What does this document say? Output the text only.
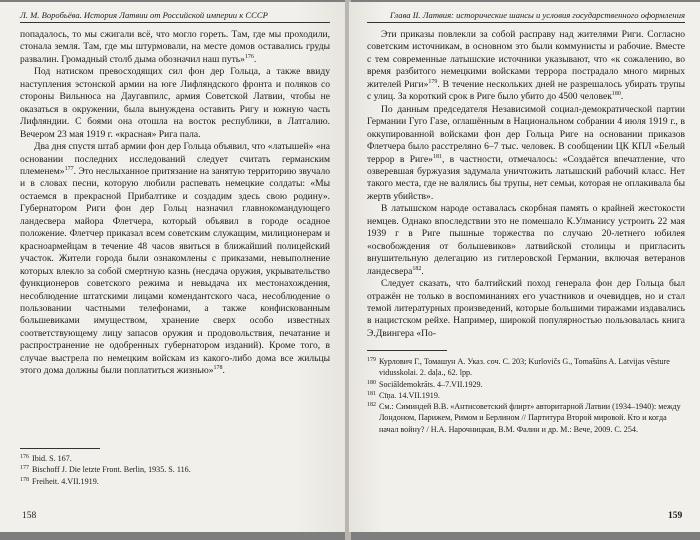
Л. М. Воробьёва. История Латвии от Российской империи к СССР

попадалось, то мы сжигали всё, что могло гореть. Там, где мы проходили, стонала земля. Там, где мы штурмовали, на месте домов оставались груды развалин. Громадный столб дыма обозначил наш путь»$^{176}$.

Под натиском превосходящих сил фон дер Гольца, а также ввиду наступления эстонской армии на юге Лифляндского фронта и поляков со стороны Вильнюса на Даугавпилс, армия Советской Латвии, чтобы не оказаться в окружении, была вынуждена оставить Ригу и южную часть Лифляндии. С боями она отошла на восток республики, в Латгалию. Вечером 23 мая 1919 г. «красная» Рига пала.

Два дня спустя штаб армии фон дер Гольца объявил, что «латышей» «на основании последних исследований следует считать германским племенем»$^{177}$. Это неслыханное притязание на занятую территорию звучало и в словах песни, которую любили распевать немецкие солдаты: «Мы остаемся в прекрасной Прибалтике и создадим здесь свою родину». Губернатором Риги фон дер Гольц назначил главнокомандующего ландесвера майора Флетчера, который объявил в городе осадное положение. Флетчер приказал всем советским служащим, милиционерам и красноармейцам в течение 48 часов явиться в ближайший полицейский участок. Жители города были ознакомлены с приказами, невыполнение которых влекло за собой смертную казнь (несдача оружия, укрывательство функционеров советского режима и невыдача их местонахождения, несоблюдение штатскими лицами комендантского часа, несоблюдение о пользовании частными телефонами, а также конфискованным большевиками имуществом, хранение сверх особо известных соответствующему лицу запасов оружия и продовольствия, печатание и распространение не одобренных губернатором изданий). Кроме того, в случае выстрела по немецким войскам из какого-либо дома все жильцы этого дома должны были поплатиться жизнью»$^{178}$.

176 Ibid. S. 167.
177 Bischoff J. Die letzte Front. Berlin, 1935. S. 116.
178 Freiheit. 4.VII.1919.
158
Глава II. Латвия: исторические шансы и условия государственного оформления

Эти приказы повлекли за собой расправу над жителями Риги. Согласно советским источникам, в основном это были коммунисты и рабочие. Вместе с тем современные латышские источники указывают, что «к сожалению, во время разбитого немецкими войсками террора пострадало много мирных жителей Риги»$^{179}$. В течение нескольких дней не разрешалось убирать трупы с улиц. За короткий срок в Риге было убито до 4500 человек$^{180}$.

По данным председателя Независимой социал-демократической партии Германии Гуго Газе, оглашённым в Национальном собрании 4 июля 1919 г., в оккупированной войсками фон дер Гольца Риге на основании приказов Флетчера было расстреляно 6–7 тыс. человек. В сообщении ЦК КПЛ «Белый террор в Риге»$^{181}$, в частности, отмечалось: «Создаётся впечатление, что озверевшая буржуазия задумала уничтожить латышский рабочий класс. Нет такого места, где не валялись бы трупы, нет семьи, которая не оплакивала бы жертв убийств».

В латышском народе оставалась скорбная память о крайней жестокости немцев. Однако впоследствии это не помешало К.Улманису устроить 22 мая 1939 г в Риге пышные торжества по случаю 20-летнего юбилея «освобождения от большевиков» латвийской столицы и пригласить внушительную делегацию из гитлеровской Германии, включая ветеранов ландесвера$^{182}$.

Следует сказать, что балтийский поход генерала фон дер Гольца был отражён не только в воспоминаниях его участников и очевидцев, но и стал темой литературных произведений, которые большими тиражами издавались в нацистском рейхе. Например, широкой популярностью пользовалась книга Э.Двингера «По-

179 Курлович Г., Томашун А. Указ. соч. С. 203; Kurlovičs G., Tomašūns A. Latvijas vēsture vidusskolai. 2. daļa., 62. lpp.
180 Sociāldemokrāts. 4–7.VII.1929.
181 Cīņa. 14.VII.1919.
182 См.: Симиндей В.В. «Антисоветский флирт» авторитарной Латвии (1934–1940): между Лондоном, Парижем, Римом и Берлином // Партитура Второй мировой. Кто и когда начал войну? / Н.А. Нарочницкая, В.М. Фалин и др. М.: Вече, 2009. С. 254.
159
